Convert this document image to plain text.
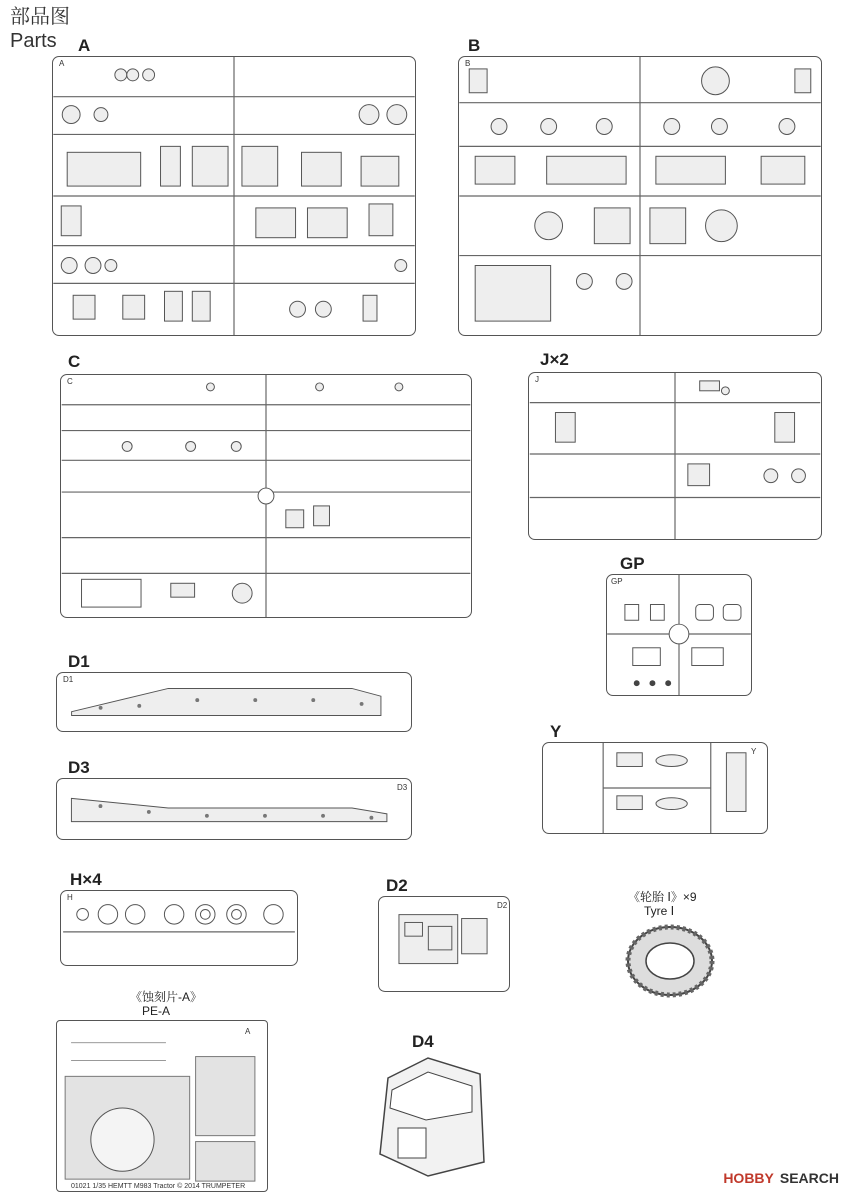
部品图
Parts A
A
B
B
C
C
J×2
J
GP
GP
D1
D1
D3
D3
Y
Y
H×4
H
D2
D2
《轮胎 Ⅰ》×9
Tyre Ⅰ
《蚀刻片-A》
PE-A
A
01021 1/35 HEMTT M983 Tractor © 2014 TRUMPETER
D4
HOBBY SEARCH
